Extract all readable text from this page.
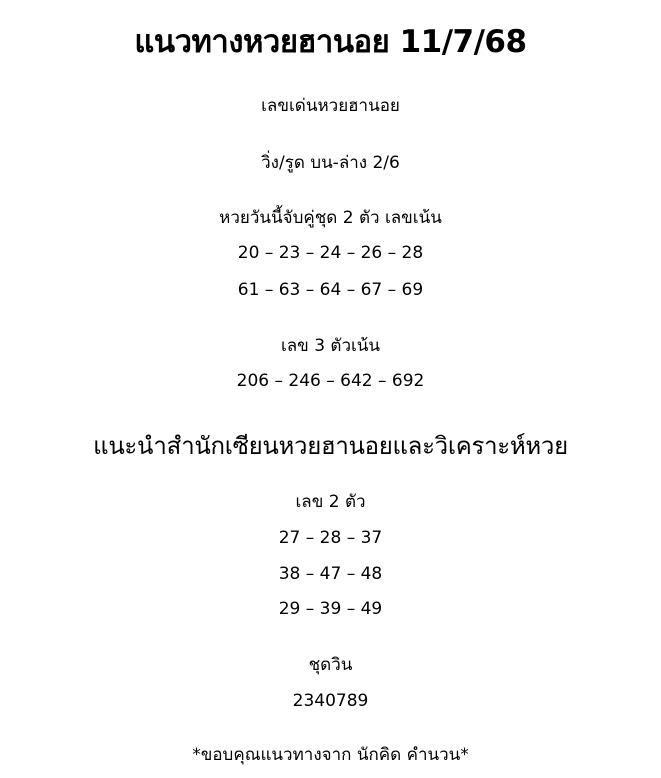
แนวทางหวยฮานอย 11/7/68
เลขเด่นหวยฮานอย
วิ่ง/รูด บน-ล่าง 2/6
หวยวันนี้จับคู่ชุด 2 ตัว เลขเน้น
20 – 23 – 24 – 26 – 28
61 – 63 – 64 – 67 – 69
เลข 3 ตัวเน้น
206 – 246 – 642 – 692
แนะนำสำนักเซียนหวยฮานอยและวิเคราะห์หวย
เลข 2 ตัว
27 – 28 – 37
38 – 47 – 48
29 – 39 – 49
ชุดวิน
2340789
*ขอบคุณแนวทางจาก นักคิด คำนวน*
